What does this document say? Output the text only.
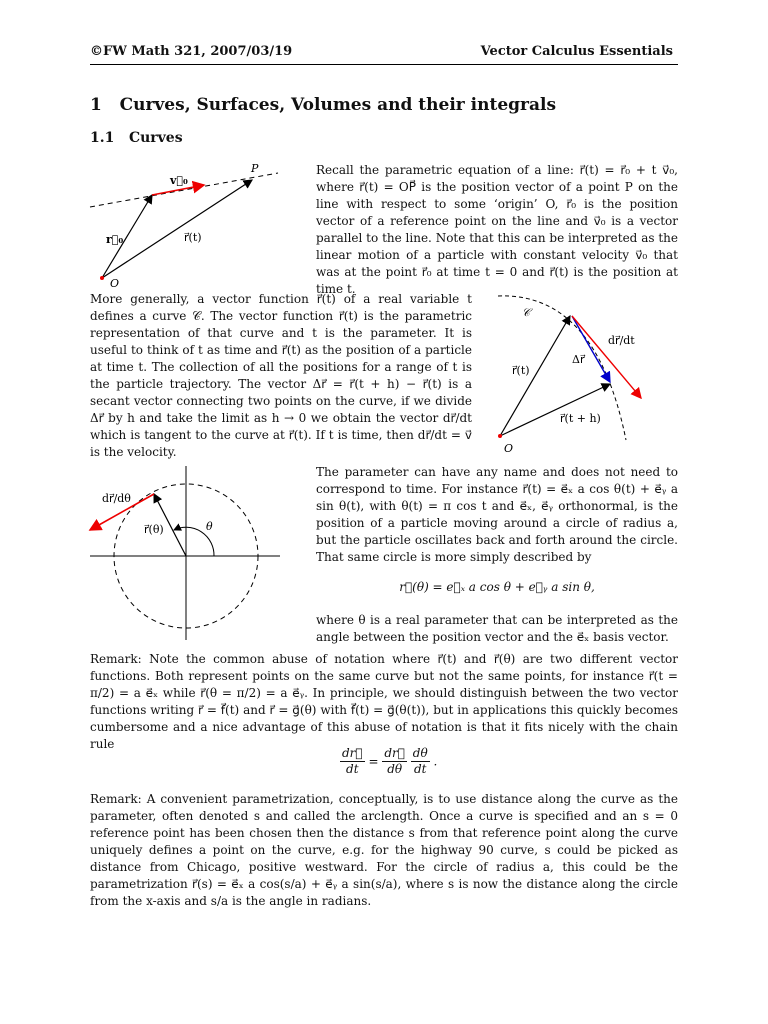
©FW Math 321, 2007/03/19	Vector Calculus Essentials
1   Curves, Surfaces, Volumes and their integrals
1.1   Curves
v⃗₀
P
r⃗₀	r⃗(t)
O
Recall the parametric equation of a line: r⃗(t) = r⃗₀ + t v⃗₀, where r⃗(t) = OP⃗ is the position vector of a point P on the line with respect to some ‘origin’ O, r⃗₀ is the position vector of a reference point on the line and v⃗₀ is a vector parallel to the line. Note that this can be interpreted as the linear motion of a particle with constant velocity v⃗₀ that was at the point r⃗₀ at time t = 0 and r⃗(t) is the position at time t.
More generally, a vector function r⃗(t) of a real variable t defines a curve 𝒞. The vector function r⃗(t) is the parametric representation of that curve and t is the parameter. It is useful to think of t as time and r⃗(t) as the position of a particle at time t. The collection of all the positions for a range of t is the particle trajectory. The vector Δr⃗ = r⃗(t + h) − r⃗(t) is a secant vector connecting two points on the curve, if we divide Δr⃗ by h and take the limit as h → 0 we obtain the vector dr⃗/dt which is tangent to the curve at r⃗(t). If t is time, then dr⃗/dt = v⃗ is the velocity.
𝒞
dr⃗/dt
Δr⃗
r⃗(t)
r⃗(t + h)
O
dr⃗/dθ
r⃗(θ)	θ
The parameter can have any name and does not need to correspond to time. For instance r⃗(t) = e⃗ₓ a cos θ(t) + e⃗ᵧ a sin θ(t), with θ(t) = π cos t and e⃗ₓ, e⃗ᵧ orthonormal, is the position of a particle moving around a circle of radius a, but the particle oscillates back and forth around the circle. That same circle is more simply described by
r⃗(θ) = e⃗ₓ a cos θ + e⃗ᵧ a sin θ,
where θ is a real parameter that can be interpreted as the angle between the position vector and the e⃗ₓ basis vector.
Remark: Note the common abuse of notation where r⃗(t) and r⃗(θ) are two different vector functions. Both represent points on the same curve but not the same points, for instance r⃗(t = π/2) = a e⃗ₓ while r⃗(θ = π/2) = a e⃗ᵧ. In principle, we should distinguish between the two vector functions writing r⃗ = f⃗(t) and r⃗ = g⃗(θ) with f⃗(t) = g⃗(θ(t)), but in applications this quickly becomes cumbersome and a nice advantage of this abuse of notation is that it fits nicely with the chain rule
$\frac{dr⃗}{dt} = \frac{dr⃗}{d\theta}$
$\frac{d\theta}{dt}$ .
Remark: A convenient parametrization, conceptually, is to use distance along the curve as the parameter, often denoted s and called the arclength. Once a curve is specified and an s = 0 reference point has been chosen then the distance s from that reference point along the curve uniquely defines a point on the curve, e.g. for the highway 90 curve, s could be picked as distance from Chicago, positive westward. For the circle of radius a, this could be the parametrization r⃗(s) = e⃗ₓ a cos(s/a) + e⃗ᵧ a sin(s/a), where s is now the distance along the circle from the x-axis and s/a is the angle in radians.
